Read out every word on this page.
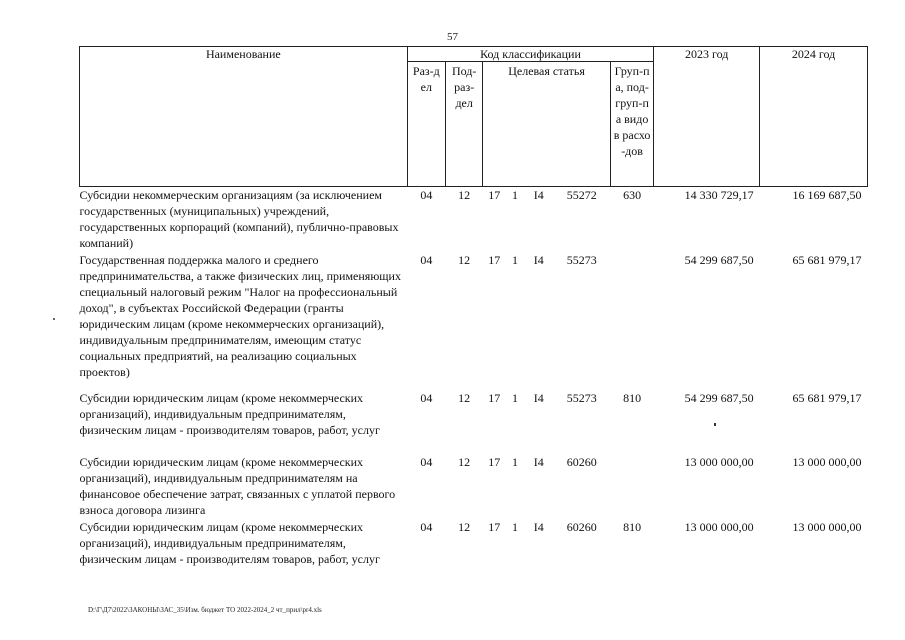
57
Наименование	Код классификации							2023 год	2024 год

	Раз-дел	Под-раз-дел	Целевая статья				Груп-па, под-груп-па видов расхо-дов		

Субсидии некоммерческим организациям (за исключением государственных (муниципальных) учреждений, государственных корпораций (компаний), публично-правовых компаний)	04	12	17	1	I4	55272	630	14 330 729,17	16 169 687,50

Государственная поддержка малого и среднего предпринимательства, а также физических лиц, применяющих специальный налоговый режим "Налог на профессиональный доход", в субъектах Российской Федерации (гранты юридическим лицам (кроме некоммерческих организаций), индивидуальным предпринимателям, имеющим статус социальных предприятий, на реализацию социальных проектов)	04	12	17	1	I4	55273		54 299 687,50	65 681 979,17

Субсидии юридическим лицам (кроме некоммерческих организаций), индивидуальным предпринимателям, физическим лицам - производителям товаров, работ, услуг	04	12	17	1	I4	55273	810	54 299 687,50	65 681 979,17

Субсидии юридическим лицам (кроме некоммерческих организаций), индивидуальным предпринимателям на финансовое обеспечение затрат, связанных с уплатой первого взноса договора лизинга	04	12	17	1	I4	60260		13 000 000,00	13 000 000,00

Субсидии юридическим лицам (кроме некоммерческих организаций), индивидуальным предпринимателям, физическим лицам - производителям товаров, работ, услуг	04	12	17	1	I4	60260	810	13 000 000,00	13 000 000,00
D:\Г\Д7\2022\ЗАКОНЫ\ЗАС_35\Изм. бюджет ТО 2022-2024_2 чт_прил\pr4.xls
